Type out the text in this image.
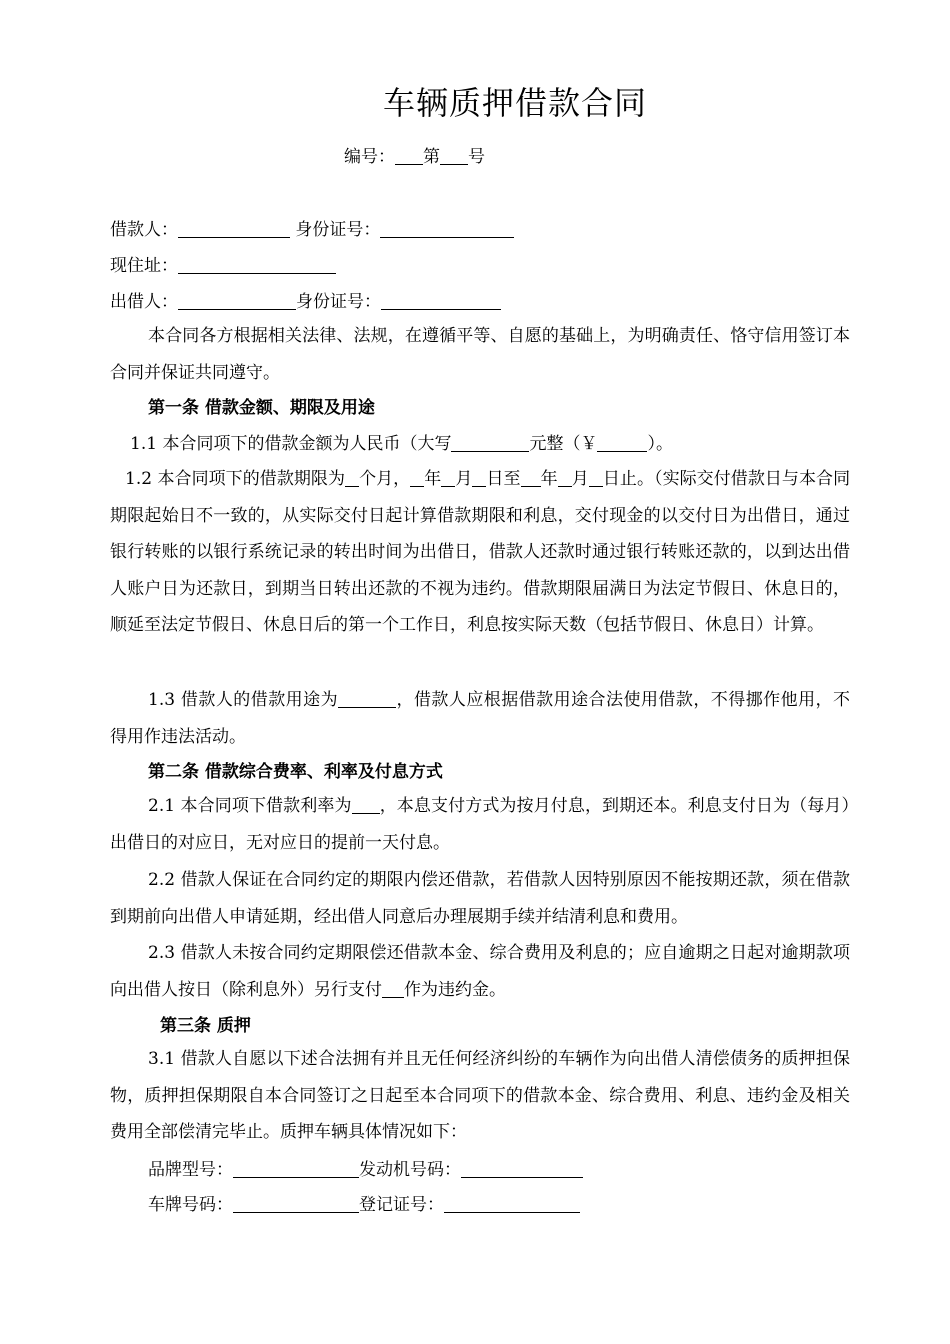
车辆质押借款合同
编号： 第 号
借款人：	身份证号：
现住址：
出借人：	身份证号：
本合同各方根据相关法律、法规，在遵循平等、自愿的基础上，为明确责任、恪守信用签订本合同并保证共同遵守。
第一条 借款金额、期限及用途
1.1 本合同项下的借款金额为人民币（大写	元整（￥	）。
1.2 本合同项下的借款期限为 个月， 年 月 日至 年 月 日止。（实际交付借款日与本合同期限起始日不一致的，从实际交付日起计算借款期限和利息，交付现金的以交付日为出借日，通过银行转账的以银行系统记录的转出时间为出借日，借款人还款时通过银行转账还款的，以到达出借人账户日为还款日，到期当日转出还款的不视为违约。借款期限届满日为法定节假日、休息日的，顺延至法定节假日、休息日后的第一个工作日，利息按实际天数（包括节假日、休息日）计算。
1.3 借款人的借款用途为	，借款人应根据借款用途合法使用借款，不得挪作他用，不得用作违法活动。
第二条 借款综合费率、利率及付息方式
2.1 本合同项下借款利率为 ，本息支付方式为按月付息，到期还本。利息支付日为（每月）出借日的对应日，无对应日的提前一天付息。
2.2 借款人保证在合同约定的期限内偿还借款，若借款人因特别原因不能按期还款，须在借款到期前向出借人申请延期，经出借人同意后办理展期手续并结清利息和费用。
2.3 借款人未按合同约定期限偿还借款本金、综合费用及利息的；应自逾期之日起对逾期款项向出借人按日（除利息外）另行支付 作为违约金。
第三条 质押
3.1 借款人自愿以下述合法拥有并且无任何经济纠纷的车辆作为向出借人清偿债务的质押担保物，质押担保期限自本合同签订之日起至本合同项下的借款本金、综合费用、利息、违约金及相关费用全部偿清完毕止。质押车辆具体情况如下：
品牌型号：	发动机号码：
车牌号码：	登记证号：
